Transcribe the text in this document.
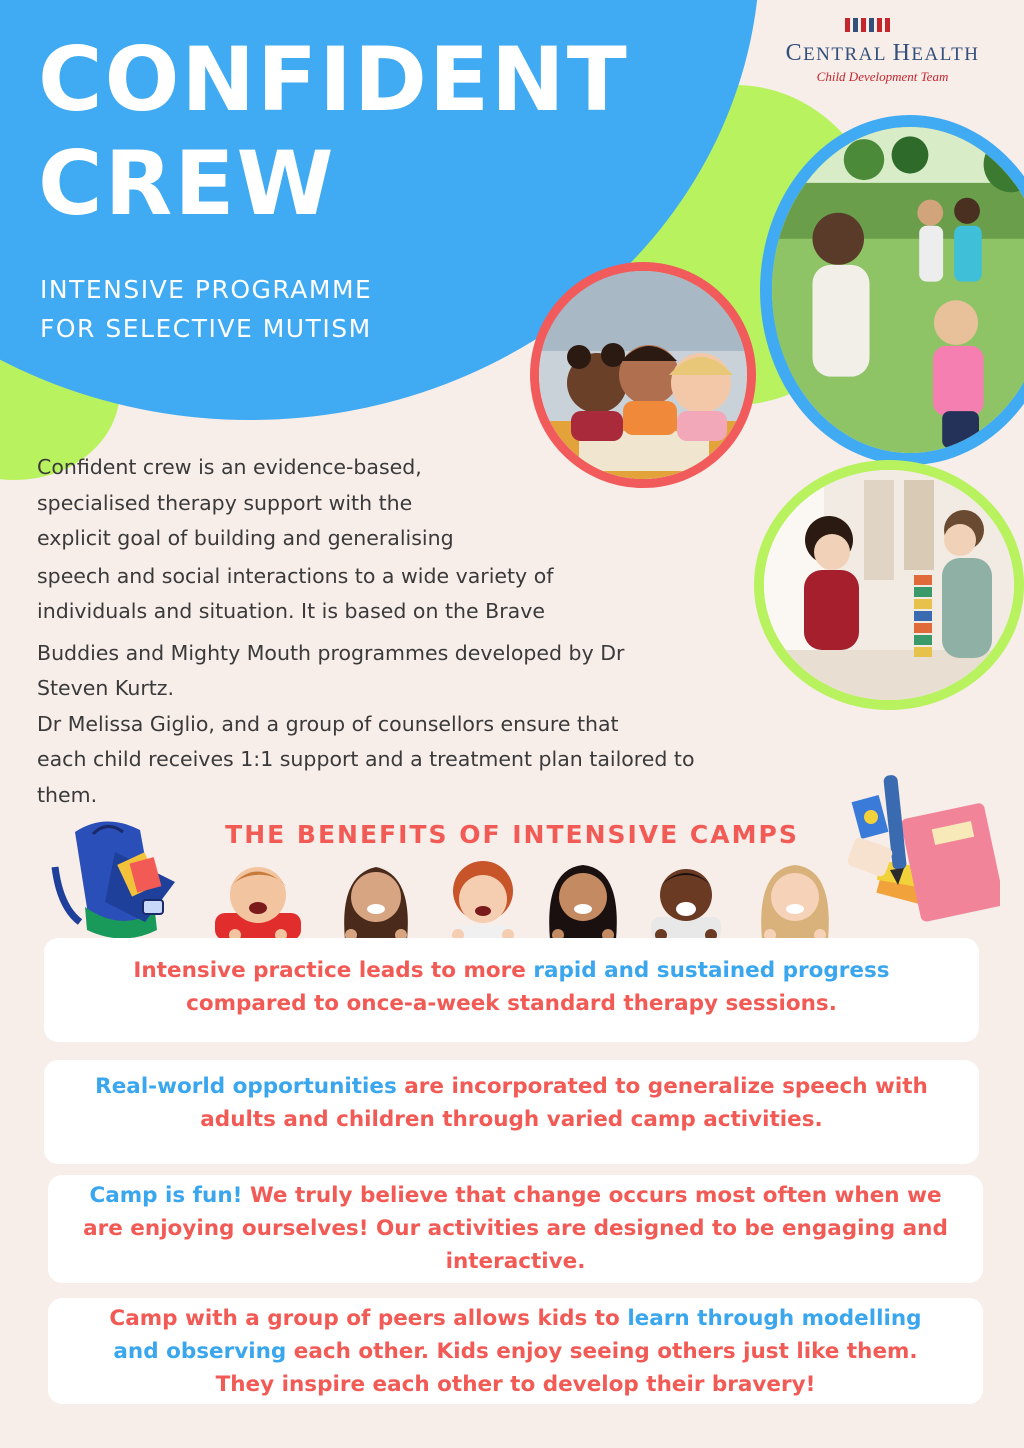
CONFIDENT
CREW

INTENSIVE PROGRAMME
FOR SELECTIVE MUTISM

CENTRAL HEALTH
Child Development Team
Confident crew is an evidence-based,
specialised therapy support with the
explicit goal of building and generalising
speech and social interactions to a wide variety of
individuals and situation. It is based on the Brave
Buddies and Mighty Mouth programmes developed by Dr
Steven Kurtz.
Dr Melissa Giglio, and a group of counsellors ensure that
each child receives 1:1 support and a treatment plan tailored to
them.
THE BENEFITS OF INTENSIVE CAMPS
Intensive practice leads to more rapid and sustained progress
compared to once-a-week standard therapy sessions.
Real-world opportunities are incorporated to generalize speech with
adults and children through varied camp activities.
Camp is fun! We truly believe that change occurs most often when we
are enjoying ourselves! Our activities are designed to be engaging and
interactive.
Camp with a group of peers allows kids to learn through modelling
and observing each other. Kids enjoy seeing others just like them.
They inspire each other to develop their bravery!
